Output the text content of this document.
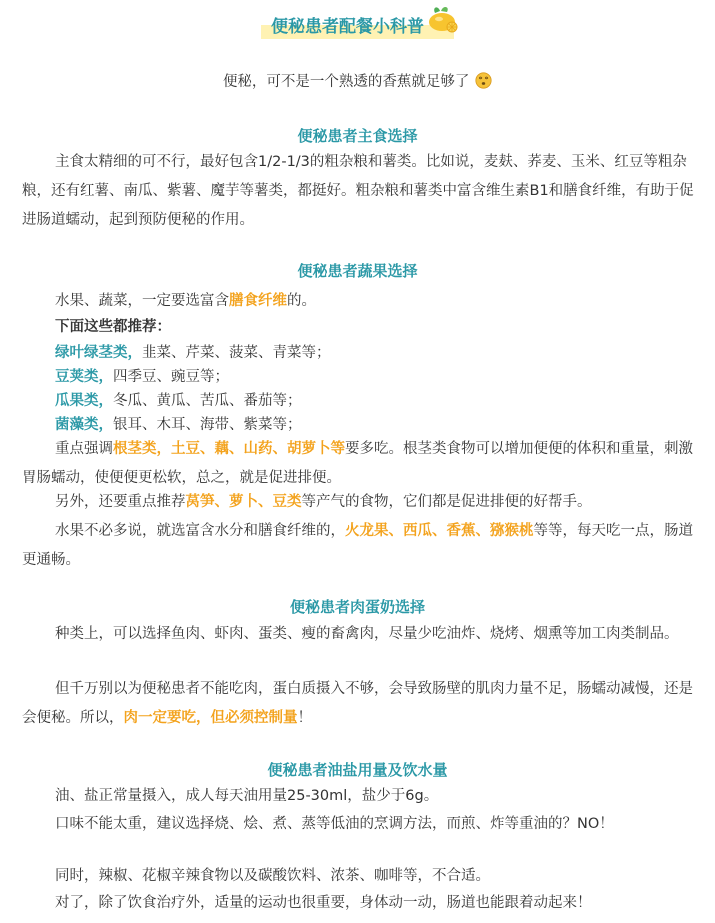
便秘患者配餐小科普
便秘，可不是一个熟透的香蕉就足够了
便秘患者主食选择

主食太精细的可不行，最好包含1/2-1/3的粗杂粮和薯类。比如说，麦麸、荞麦、玉米、红豆等粗杂粮，还有红薯、南瓜、紫薯、魔芋等薯类，都挺好。粗杂粮和薯类中富含维生素B1和膳食纤维，有助于促进肠道蠕动，起到预防便秘的作用。

便秘患者蔬果选择
水果、蔬菜，一定要选富含膳食纤维的。
下面这些都推荐：
绿叶绿茎类，韭菜、芹菜、菠菜、青菜等；
豆荚类，四季豆、豌豆等；
瓜果类，冬瓜、黄瓜、苦瓜、番茄等；
菌藻类，银耳、木耳、海带、紫菜等；

重点强调根茎类，土豆、藕、山药、胡萝卜等要多吃。根茎类食物可以增加便便的体积和重量，刺激胃肠蠕动，使便便更松软，总之，就是促进排便。

另外，还要重点推荐莴笋、萝卜、豆类等产气的食物，它们都是促进排便的好帮手。

水果不必多说，就选富含水分和膳食纤维的，火龙果、西瓜、香蕉、猕猴桃等等，每天吃一点，肠道更通畅。

便秘患者肉蛋奶选择

种类上，可以选择鱼肉、虾肉、蛋类、瘦的畜禽肉，尽量少吃油炸、烧烤、烟熏等加工肉类制品。

但千万别以为便秘患者不能吃肉，蛋白质摄入不够，会导致肠壁的肌肉力量不足，肠蠕动减慢，还是会便秘。所以，肉一定要吃，但必须控制量！

便秘患者油盐用量及饮水量

油、盐正常量摄入，成人每天油用量25-30ml，盐少于6g。

口味不能太重，建议选择烧、烩、煮、蒸等低油的烹调方法，而煎、炸等重油的？NO！

同时，辣椒、花椒辛辣食物以及碳酸饮料、浓茶、咖啡等，不合适。

对了，除了饮食治疗外，适量的运动也很重要，身体动一动，肠道也能跟着动起来！
